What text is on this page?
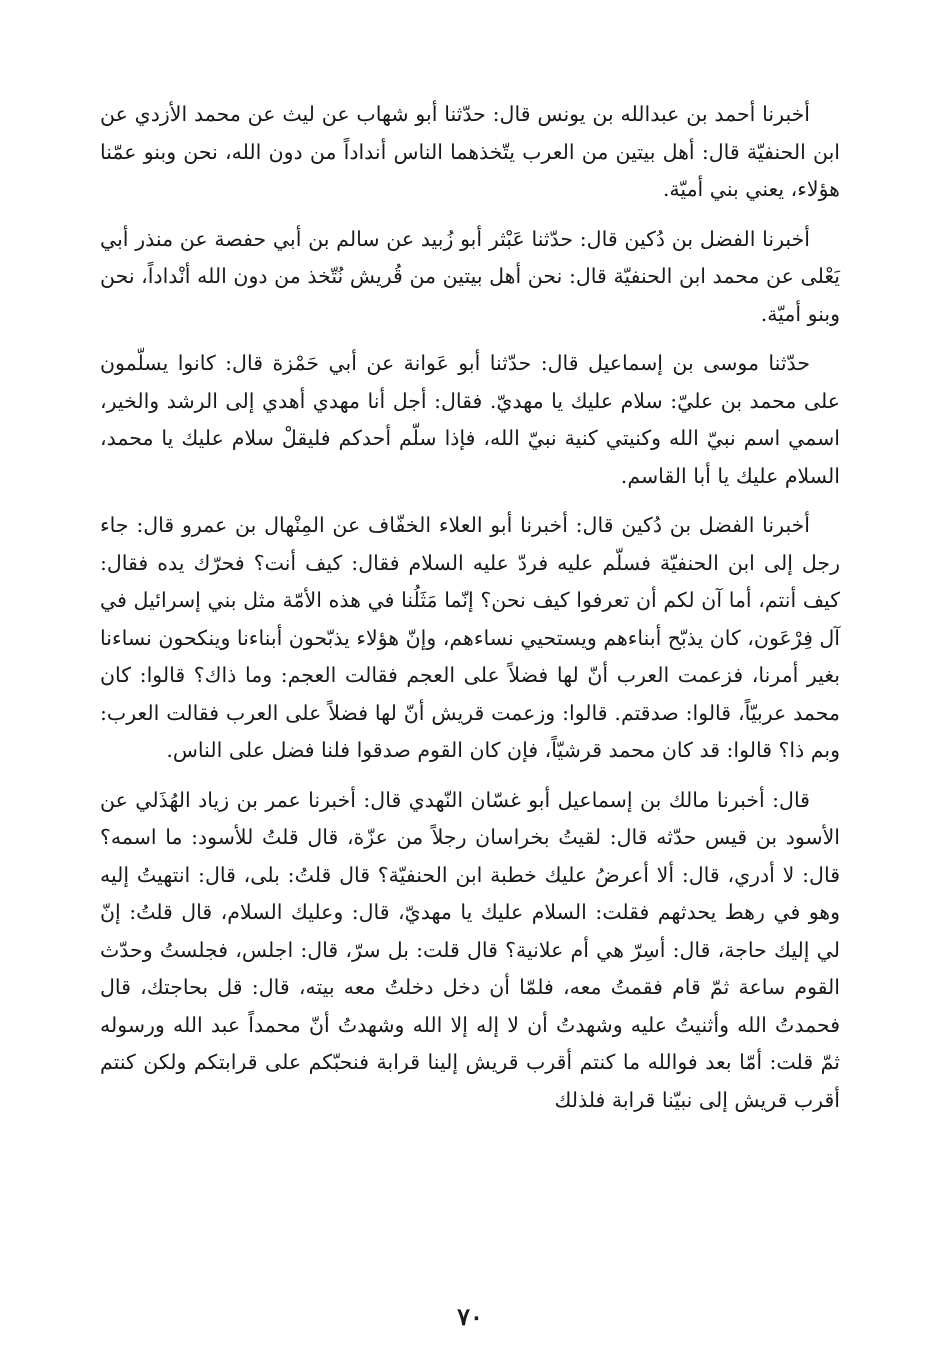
أخبرنا أحمد بن عبدالله بن يونس قال: حدّثنا أبو شهاب عن ليث عن محمد الأزدي عن ابن الحنفيّة قال: أهل بيتين من العرب يتّخذهما الناس أنداداً من دون الله، نحن وبنو عمّنا هؤلاء، يعني بني أميّة.

أخبرنا الفضل بن دُكين قال: حدّثنا عَبْثر أبو زُبيد عن سالم بن أبي حفصة عن منذر أبي يَعْلى عن محمد ابن الحنفيّة قال: نحن أهل بيتين من قُريش نُتّخذ من دون الله أنْداداً، نحن وبنو أميّة.

حدّثنا موسى بن إسماعيل قال: حدّثنا أبو عَوانة عن أبي حَمْزة قال: كانوا يسلّمون على محمد بن عليّ: سلام عليك يا مهديّ. فقال: أجل أنا مهدي أهدي إلى الرشد والخير، اسمي اسم نبيّ الله وكنيتي كنية نبيّ الله، فإذا سلّم أحدكم فليقلْ سلام عليك يا محمد، السلام عليك يا أبا القاسم.

أخبرنا الفضل بن دُكين قال: أخبرنا أبو العلاء الخفّاف عن المِنْهال بن عمرو قال: جاء رجل إلى ابن الحنفيّة فسلّم عليه فردّ عليه السلام فقال: كيف أنت؟ فحرّك يده فقال: كيف أنتم، أما آن لكم أن تعرفوا كيف نحن؟ إنّما مَثَلُنا في هذه الأمّة مثل بني إسرائيل في آل فِرْعَون، كان يذبّح أبناءهم ويستحيي نساءهم، وإنّ هؤلاء يذبّحون أبناءنا وينكحون نساءنا بغير أمرنا، فزعمت العرب أنّ لها فضلاً على العجم فقالت العجم: وما ذاك؟ قالوا: كان محمد عربيّاً، قالوا: صدقتم. قالوا: وزعمت قريش أنّ لها فضلاً على العرب فقالت العرب: وبم ذا؟ قالوا: قد كان محمد قرشيّاً، فإن كان القوم صدقوا فلنا فضل على الناس.

قال: أخبرنا مالك بن إسماعيل أبو غسّان النّهدي قال: أخبرنا عمر بن زياد الهُذَلي عن الأسود بن قيس حدّثه قال: لقيتُ بخراسان رجلاً من عزّة، قال قلتُ للأسود: ما اسمه؟ قال: لا أدري، قال: ألا أعرضُ عليك خطبة ابن الحنفيّة؟ قال قلتُ: بلى، قال: انتهيتُ إليه وهو في رهط يحدثهم فقلت: السلام عليك يا مهديّ، قال: وعليك السلام، قال قلتُ: إنّ لي إليك حاجة، قال: أسِرّ هي أم علانية؟ قال قلت: بل سرّ، قال: اجلس، فجلستُ وحدّث القوم ساعة ثمّ قام فقمتُ معه، فلمّا أن دخل دخلتُ معه بيته، قال: قل بحاجتك، قال فحمدتُ الله وأثنيتُ عليه وشهدتُ أن لا إله إلا الله وشهدتُ أنّ محمداً عبد الله ورسوله ثمّ قلت: أمّا بعد فوالله ما كنتم أقرب قريش إلينا قرابة فنحبّكم على قرابتكم ولكن كنتم أقرب قريش إلى نبيّنا قرابة فلذلك

٧٠
